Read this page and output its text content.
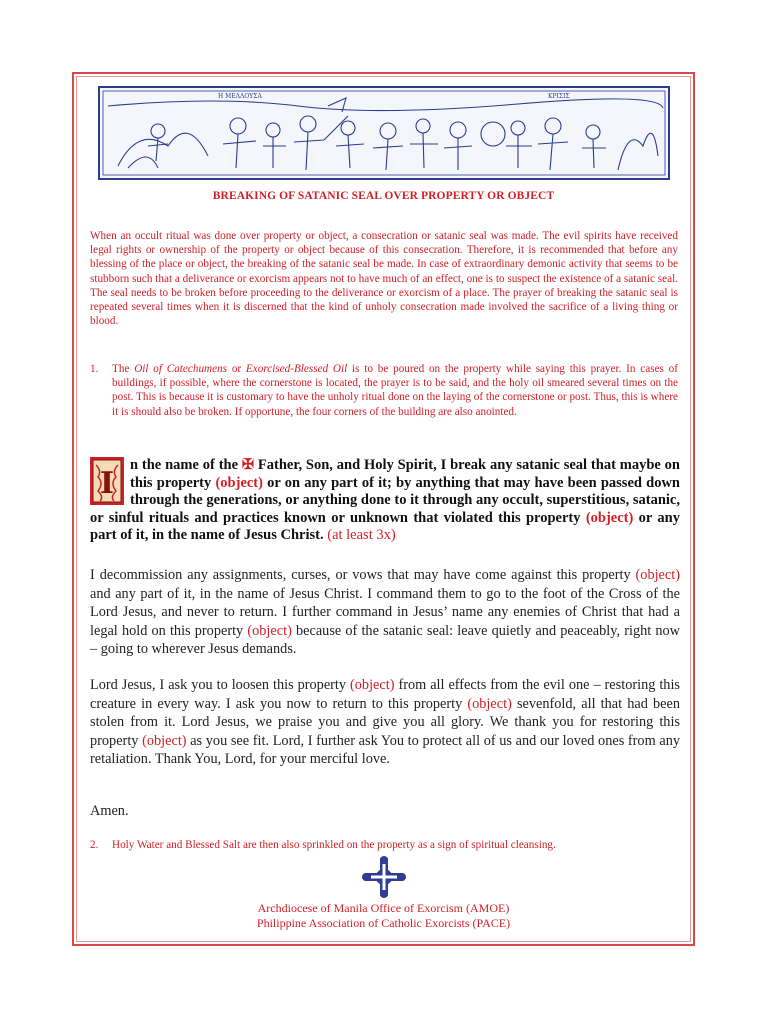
Η ΜΕΛΛΟΥΣΑ	ΚΡΙΣΙΣ
BREAKING OF SATANIC SEAL OVER PROPERTY OR OBJECT
When an occult ritual was done over property or object, a consecration or satanic seal was made. The evil spirits have received legal rights or ownership of the property or object because of this consecration. Therefore, it is recommended that before any blessing of the place or object, the breaking of the satanic seal be made. In case of extraordinary demonic activity that seems to be stubborn such that a deliverance or exorcism appears not to have much of an effect, one is to suspect the existence of a satanic seal. The seal needs to be broken before proceeding to the deliverance or exorcism of a place. The prayer of breaking the satanic seal is repeated several times when it is discerned that the kind of unholy consecration made involved the sacrifice of a living thing or blood.
1.	The Oil of Catechumens or Exorcised-Blessed Oil is to be poured on the property while saying this prayer. In cases of buildings, if possible, where the cornerstone is located, the prayer is to be said, and the holy oil smeared several times on the post. This is because it is customary to have the unholy ritual done on the laying of the cornerstone or post. Thus, this is where it is should also be broken. If opportune, the four corners of the building are also anointed.
I
n the name of the ✠ Father, Son, and Holy Spirit, I break any satanic seal that maybe on this property (object) or on any part of it; by anything that may have been passed down through the generations, or anything done to it through any occult, superstitious, satanic, or sinful rituals and practices known or unknown that violated this property (object) or any part of it, in the name of Jesus Christ. (at least 3x)
I decommission any assignments, curses, or vows that may have come against this property (object) and any part of it, in the name of Jesus Christ. I command them to go to the foot of the Cross of the Lord Jesus, and never to return. I further command in Jesus’ name any enemies of Christ that had a legal hold on this property (object) because of the satanic seal: leave quietly and peaceably, right now – going to wherever Jesus demands.
Lord Jesus, I ask you to loosen this property (object) from all effects from the evil one – restoring this creature in every way. I ask you now to return to this property (object) sevenfold, all that had been stolen from it. Lord Jesus, we praise you and give you all glory. We thank you for restoring this property (object) as you see fit. Lord, I further ask You to protect all of us and our loved ones from any retaliation. Thank You, Lord, for your merciful love.
Amen.
2.	Holy Water and Blessed Salt are then also sprinkled on the property as a sign of spiritual cleansing.
Archdiocese of Manila Office of Exorcism (AMOE)
Philippine Association of Catholic Exorcists (PACE)
